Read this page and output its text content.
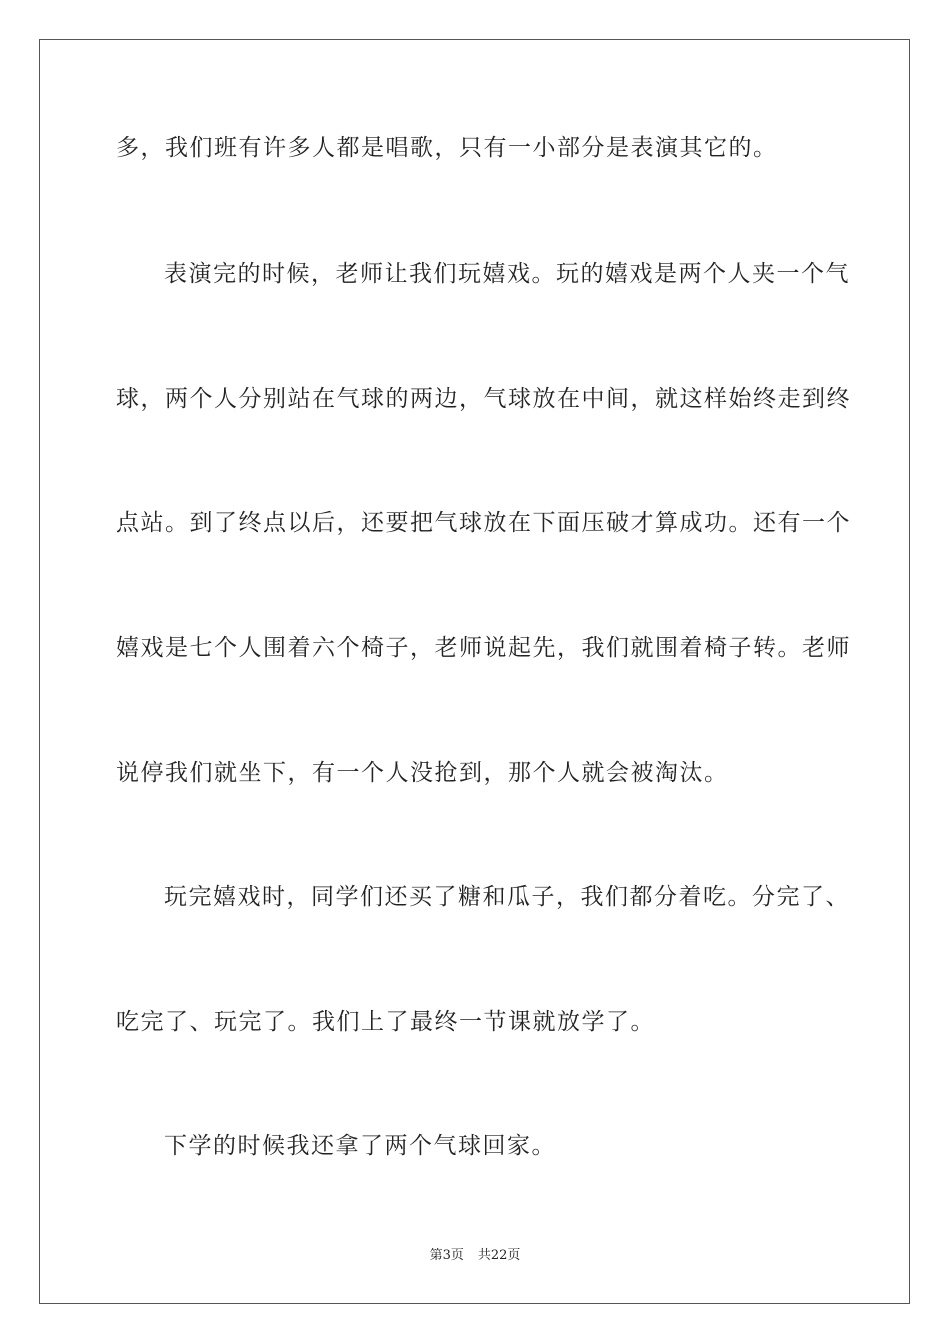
多，我们班有许多人都是唱歌，只有一小部分是表演其它的。

表演完的时候，老师让我们玩嬉戏。玩的嬉戏是两个人夹一个气

球，两个人分别站在气球的两边，气球放在中间，就这样始终走到终

点站。到了终点以后，还要把气球放在下面压破才算成功。还有一个

嬉戏是七个人围着六个椅子，老师说起先，我们就围着椅子转。老师

说停我们就坐下，有一个人没抢到，那个人就会被淘汰。

玩完嬉戏时，同学们还买了糖和瓜子，我们都分着吃。分完了、

吃完了、玩完了。我们上了最终一节课就放学了。

下学的时候我还拿了两个气球回家。

第3页 共22页
